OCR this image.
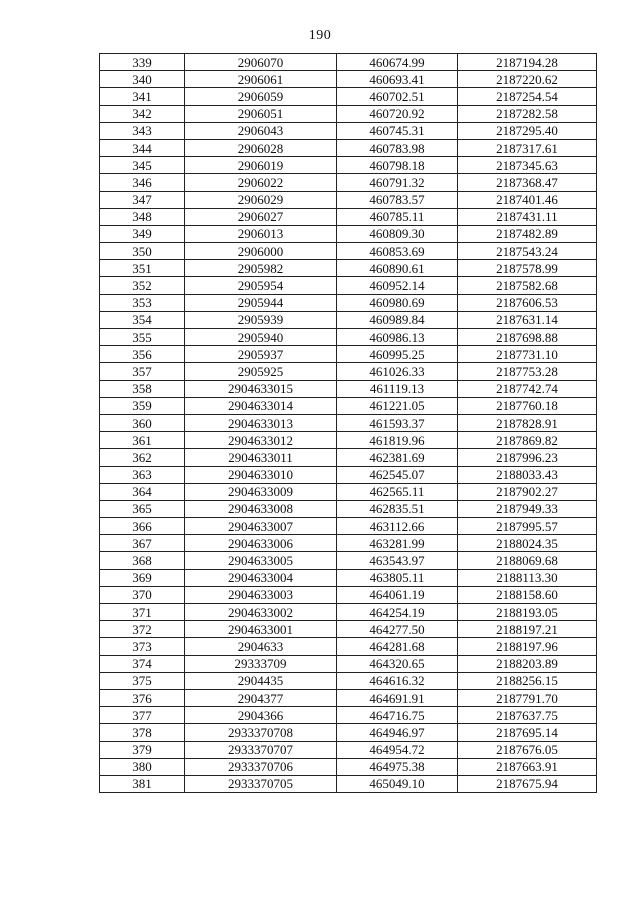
190
339	2906070	460674.99	2187194.28
340	2906061	460693.41	2187220.62
341	2906059	460702.51	2187254.54
342	2906051	460720.92	2187282.58
343	2906043	460745.31	2187295.40
344	2906028	460783.98	2187317.61
345	2906019	460798.18	2187345.63
346	2906022	460791.32	2187368.47
347	2906029	460783.57	2187401.46
348	2906027	460785.11	2187431.11
349	2906013	460809.30	2187482.89
350	2906000	460853.69	2187543.24
351	2905982	460890.61	2187578.99
352	2905954	460952.14	2187582.68
353	2905944	460980.69	2187606.53
354	2905939	460989.84	2187631.14
355	2905940	460986.13	2187698.88
356	2905937	460995.25	2187731.10
357	2905925	461026.33	2187753.28
358	2904633015	461119.13	2187742.74
359	2904633014	461221.05	2187760.18
360	2904633013	461593.37	2187828.91
361	2904633012	461819.96	2187869.82
362	2904633011	462381.69	2187996.23
363	2904633010	462545.07	2188033.43
364	2904633009	462565.11	2187902.27
365	2904633008	462835.51	2187949.33
366	2904633007	463112.66	2187995.57
367	2904633006	463281.99	2188024.35
368	2904633005	463543.97	2188069.68
369	2904633004	463805.11	2188113.30
370	2904633003	464061.19	2188158.60
371	2904633002	464254.19	2188193.05
372	2904633001	464277.50	2188197.21
373	2904633	464281.68	2188197.96
374	29333709	464320.65	2188203.89
375	2904435	464616.32	2188256.15
376	2904377	464691.91	2187791.70
377	2904366	464716.75	2187637.75
378	2933370708	464946.97	2187695.14
379	2933370707	464954.72	2187676.05
380	2933370706	464975.38	2187663.91
381	2933370705	465049.10	2187675.94
